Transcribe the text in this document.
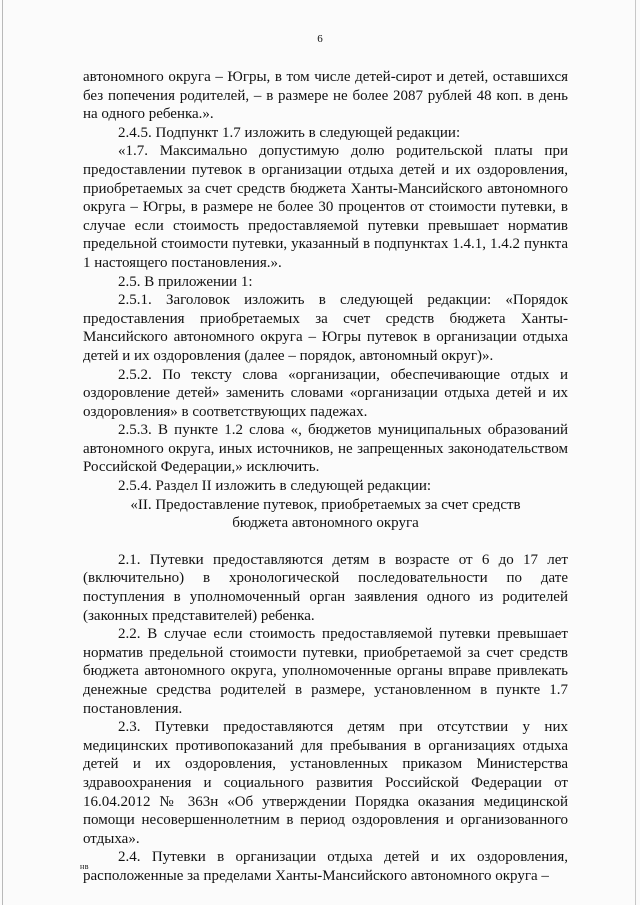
6

автономного округа – Югры, в том числе детей-сирот и детей, оставшихся без попечения родителей, – в размере не более 2087 рублей 48 коп. в день на одного ребенка.».

2.4.5. Подпункт 1.7 изложить в следующей редакции:

«1.7. Максимально допустимую долю родительской платы при предоставлении путевок в организации отдыха детей и их оздоровления, приобретаемых за счет средств бюджета Ханты-Мансийского автономного округа – Югры, в размере не более 30 процентов от стоимости путевки, в случае если стоимость предоставляемой путевки превышает норматив предельной стоимости путевки, указанный в подпунктах 1.4.1, 1.4.2 пункта 1 настоящего постановления.».

2.5. В приложении 1:

2.5.1. Заголовок изложить в следующей редакции: «Порядок предоставления приобретаемых за счет средств бюджета Ханты-Мансийского автономного округа – Югры путевок в организации отдыха детей и их оздоровления (далее – порядок, автономный округ)».

2.5.2. По тексту слова «организации, обеспечивающие отдых и оздоровление детей» заменить словами «организации отдыха детей и их оздоровления» в соответствующих падежах.

2.5.3. В пункте 1.2 слова «, бюджетов муниципальных образований автономного округа, иных источников, не запрещенных законодательством Российской Федерации,» исключить.

2.5.4. Раздел II изложить в следующей редакции:

«II. Предоставление путевок, приобретаемых за счет средств

бюджета автономного округа

2.1. Путевки предоставляются детям в возрасте от 6 до 17 лет (включительно) в хронологической последовательности по дате поступления в уполномоченный орган заявления одного из родителей (законных представителей) ребенка.

2.2. В случае если стоимость предоставляемой путевки превышает норматив предельной стоимости путевки, приобретаемой за счет средств бюджета автономного округа, уполномоченные органы вправе привлекать денежные средства родителей в размере, установленном в пункте 1.7 постановления.

2.3. Путевки предоставляются детям при отсутствии у них медицинских противопоказаний для пребывания в организациях отдыха детей и их оздоровления, установленных приказом Министерства здравоохранения и социального развития Российской Федерации от 16.04.2012 № 363н «Об утверждении Порядка оказания медицинской помощи несовершеннолетним в период оздоровления и организованного отдыха».

2.4. Путевки в организации отдыха детей и их оздоровления, расположенные за пределами Ханты-Мансийского автономного округа –

нв
